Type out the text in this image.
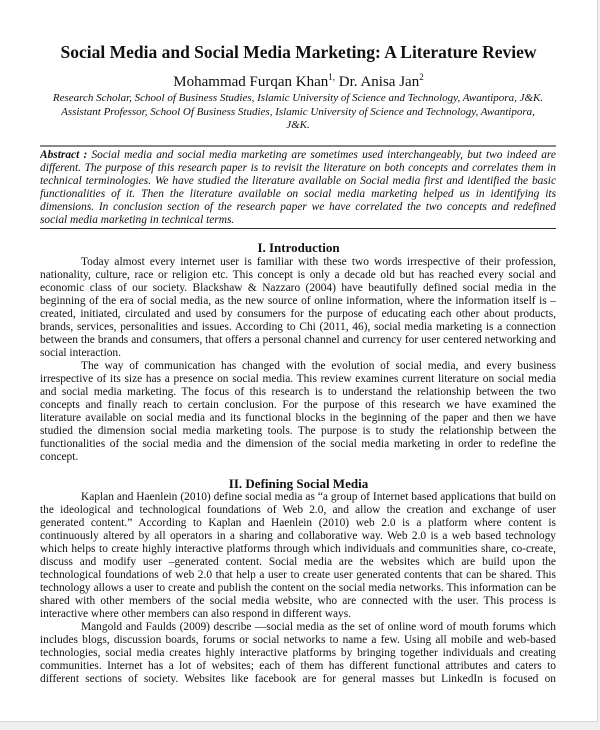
Social Media and Social Media Marketing: A Literature Review
Mohammad Furqan Khan$^{1,}$ Dr. Anisa Jan$^2$
Research Scholar, School of Business Studies, Islamic University of Science and Technology, Awantipora, J&K.
Assistant Professor, School Of Business Studies, Islamic University of Science and Technology, Awantipora,
J&K.
Abstract : Social media and social media marketing are sometimes used interchangeably, but two indeed are
different. The purpose of this research paper is to revisit the literature on both concepts and correlates them in
technical terminologies. We have studied the literature available on Social media first and identified the basic
functionalities of it. Then the literature available on social media marketing helped us in identifying its
dimensions. In conclusion section of the research paper we have correlated the two concepts and redefined
social media marketing in technical terms.
I. Introduction
Today almost every internet user is familiar with these two words irrespective of their profession,
nationality, culture, race or religion etc. This concept is only a decade old but has reached every social and
economic class of our society. Blackshaw & Nazzaro (2004) have beautifully defined social media in the
beginning of the era of social media, as the new source of online information, where the information itself is –
created, initiated, circulated and used by consumers for the purpose of educating each other about products,
brands, services, personalities and issues. According to Chi (2011, 46), social media marketing is a connection
between the brands and consumers, that offers a personal channel and currency for user centered networking and
social interaction.
The way of communication has changed with the evolution of social media, and every business
irrespective of its size has a presence on social media. This review examines current literature on social media
and social media marketing. The focus of this research is to understand the relationship between the two
concepts and finally reach to certain conclusion. For the purpose of this research we have examined the
literature available on social media and its functional blocks in the beginning of the paper and then we have
studied the dimension social media marketing tools. The purpose is to study the relationship between the
functionalities of the social media and the dimension of the social media marketing in order to redefine the
concept.
II. Defining Social Media
Kaplan and Haenlein (2010) define social media as “a group of Internet based applications that build on
the ideological and technological foundations of Web 2.0, and allow the creation and exchange of user
generated content.” According to Kaplan and Haenlein (2010) web 2.0 is a platform where content is
continuously altered by all operators in a sharing and collaborative way. Web 2.0 is a web based technology
which helps to create highly interactive platforms through which individuals and communities share, co-create,
discuss and modify user –generated content. Social media are the websites which are build upon the
technological foundations of web 2.0 that help a user to create user generated contents that can be shared. This
technology allows a user to create and publish the content on the social media networks. This information can be
shared with other members of the social media website, who are connected with the user. This process is
interactive where other members can also respond in different ways.
Mangold and Faulds (2009) describe —social media as the set of online word of mouth forums which
includes blogs, discussion boards, forums or social networks to name a few. Using all mobile and web-based
technologies, social media creates highly interactive platforms by bringing together individuals and creating
communities. Internet has a lot of websites; each of them has different functional attributes and caters to
different sections of society. Websites like facebook are for general masses but LinkedIn is focused on
